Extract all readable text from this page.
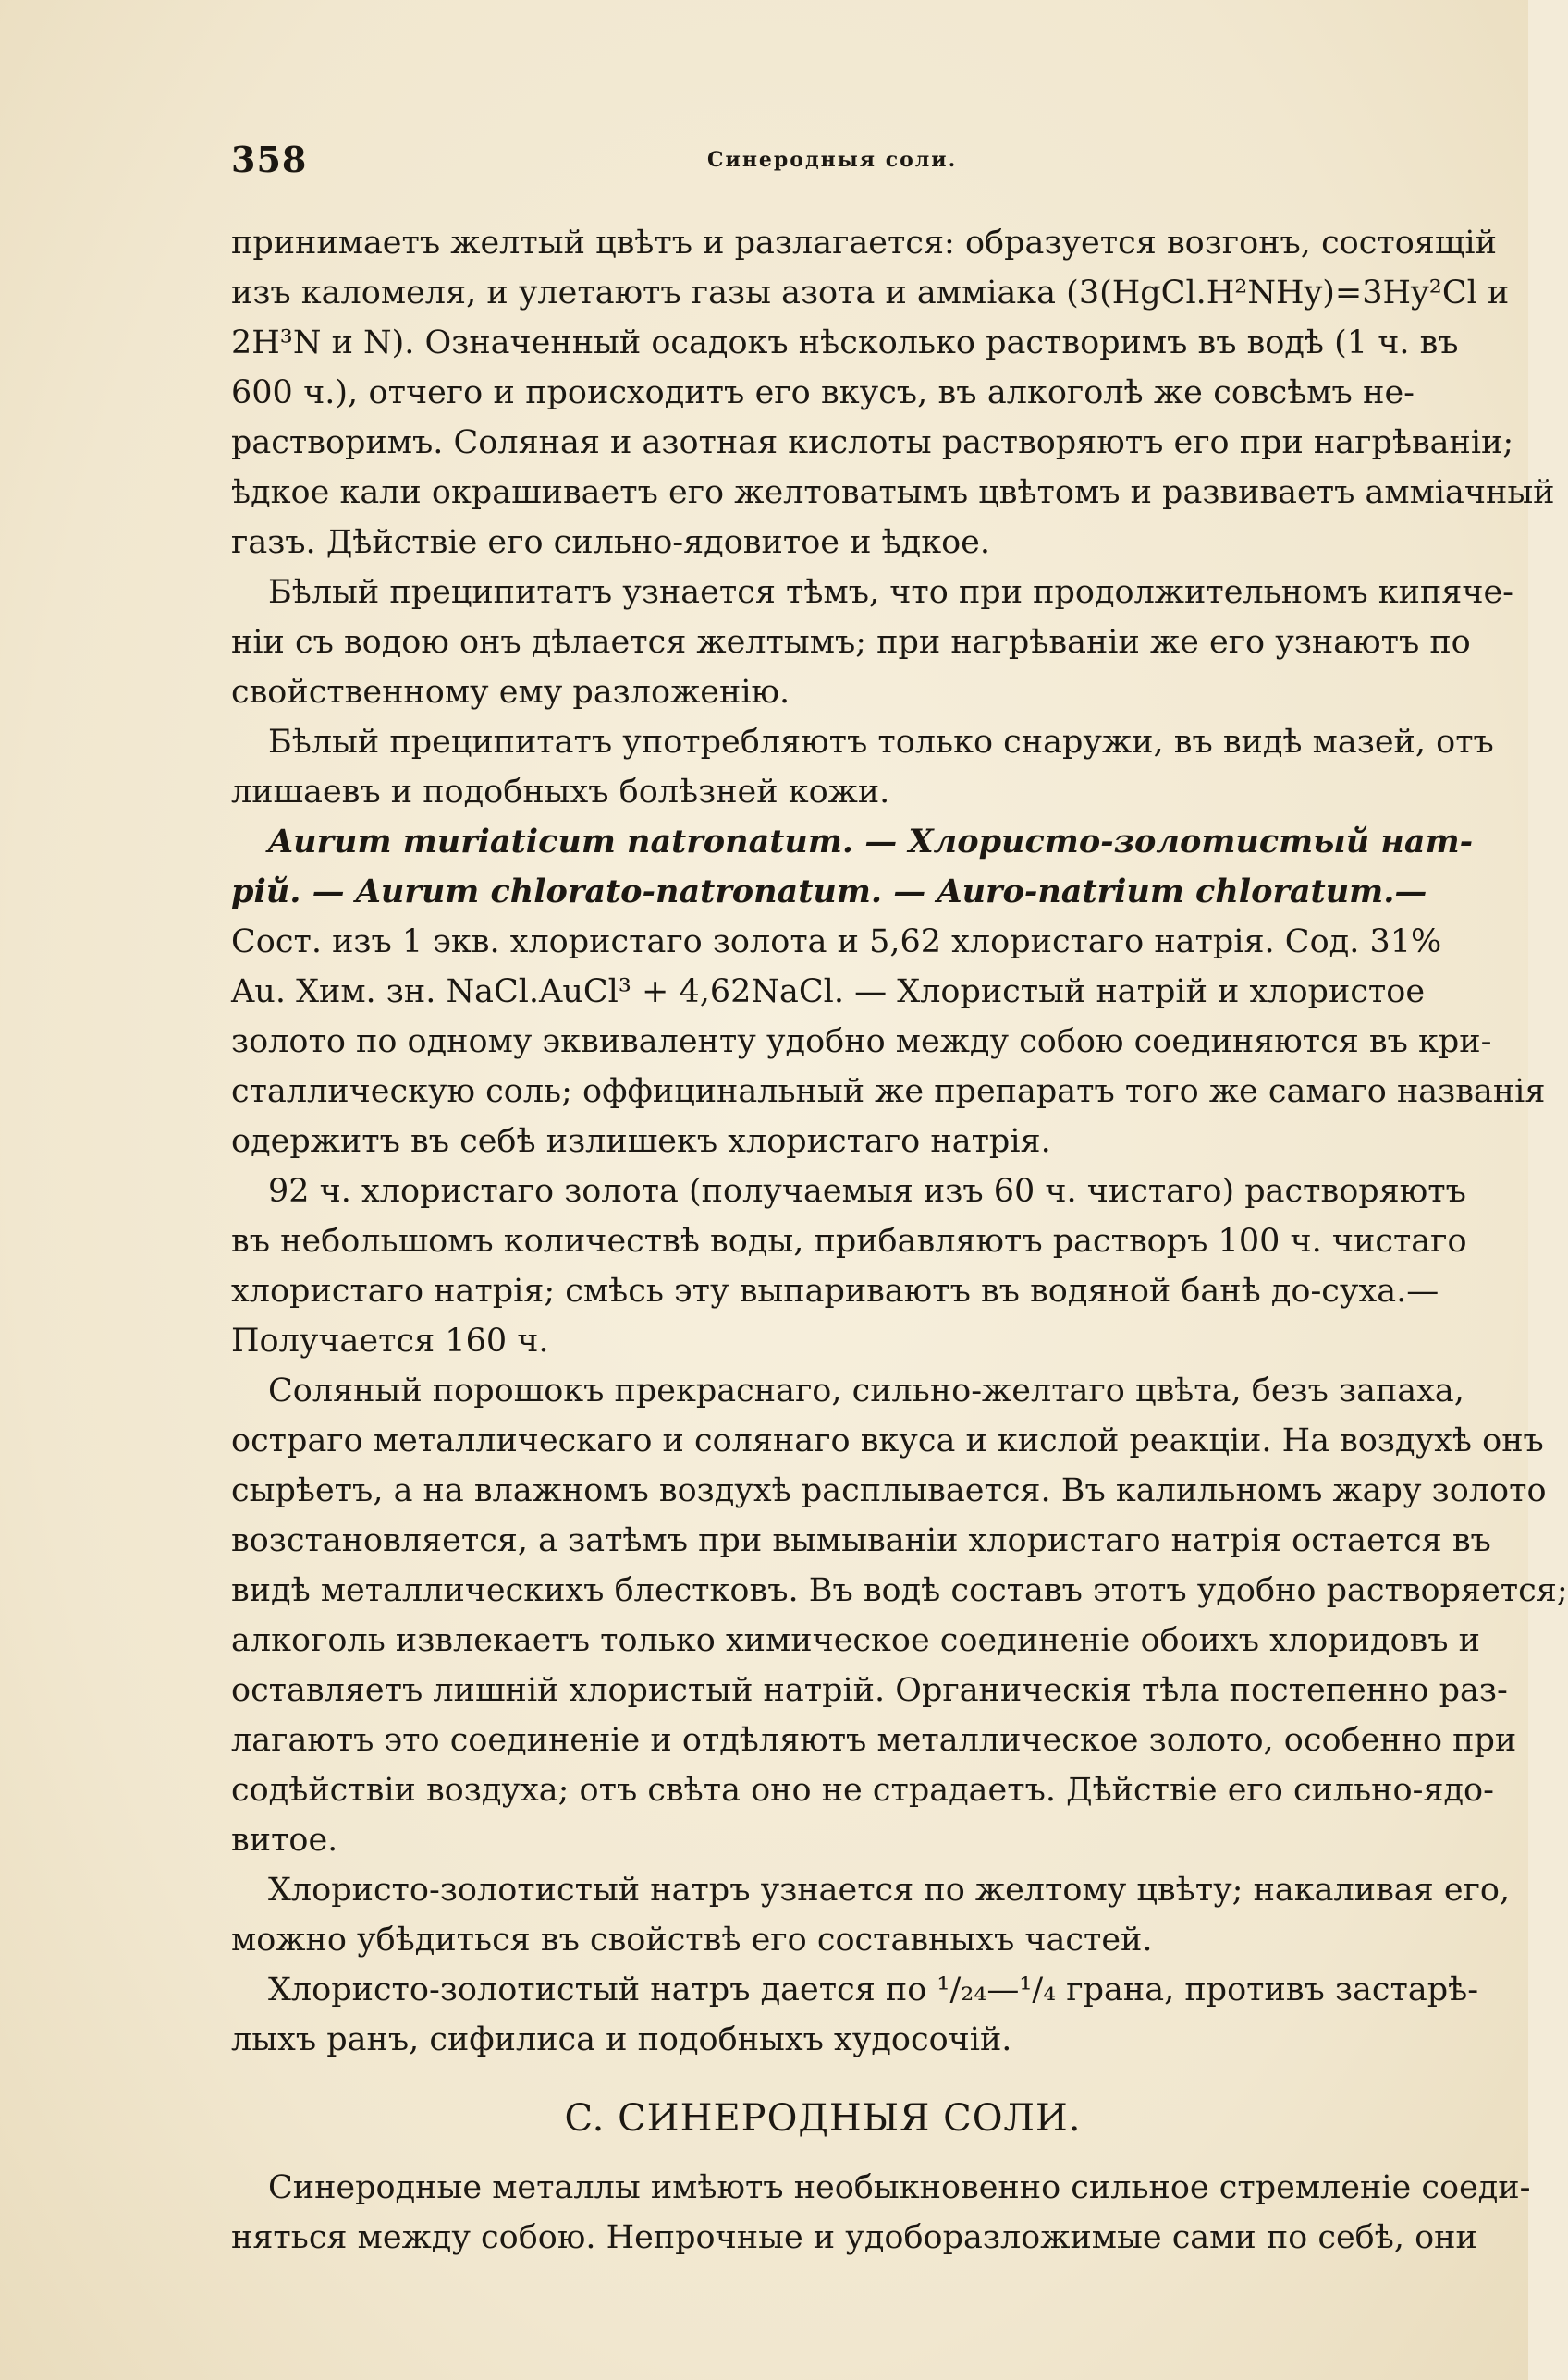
358	Синеродныя соли.
принимаетъ желтый цвѣтъ и разлагается: образуется возгонъ, состоящій
изъ каломеля, и улетаютъ газы азота и амміака (3(HgCl.H²NHy)=3Hy²Cl и
2H³N и N). Означенный осадокъ нѣсколько растворимъ въ водѣ (1 ч. въ
600 ч.), отчего и происходитъ его вкусъ, въ алкоголѣ же совсѣмъ не-
растворимъ. Соляная и азотная кислоты растворяютъ его при нагрѣваніи;
ѣдкое кали окрашиваетъ его желтоватымъ цвѣтомъ и развиваетъ амміачный
газъ. Дѣйствіе его сильно-ядовитое и ѣдкое.
Бѣлый преципитатъ узнается тѣмъ, что при продолжительномъ кипяче-
ніи съ водою онъ дѣлается желтымъ; при нагрѣваніи же его узнаютъ по
свойственному ему разложенію.
Бѣлый преципитатъ употребляютъ только снаружи, въ видѣ мазей, отъ
лишаевъ и подобныхъ болѣзней кожи.
Aurum muriaticum natronatum. — Хлористо-золотистый нат-
рій. — Aurum chlorato-natronatum. — Auro-natrium chloratum.—
Сост. изъ 1 экв. хлористаго золота и 5,62 хлористаго натрія. Сод. 31%
Au. Хим. зн. NaCl.AuCl³ + 4,62NaCl. — Хлористый натрій и хлористое
золото по одному эквиваленту удобно между собою соединяются въ кри-
сталлическую соль; оффицинальный же препаратъ того же самаго названія
одержитъ въ себѣ излишекъ хлористаго натрія.
92 ч. хлористаго золота (получаемыя изъ 60 ч. чистаго) растворяютъ
въ небольшомъ количествѣ воды, прибавляютъ растворъ 100 ч. чистаго
хлористаго натрія; смѣсь эту выпариваютъ въ водяной банѣ до-суха.—
Получается 160 ч.
Соляный порошокъ прекраснаго, сильно-желтаго цвѣта, безъ запаха,
остраго металлическаго и солянаго вкуса и кислой реакціи. На воздухѣ онъ
сырѣетъ, а на влажномъ воздухѣ расплывается. Въ калильномъ жару золото
возстановляется, а затѣмъ при вымываніи хлористаго натрія остается въ
видѣ металлическихъ блестковъ. Въ водѣ составъ этотъ удобно растворяется;
алкоголь извлекаетъ только химическое соединеніе обоихъ хлоридовъ и
оставляетъ лишній хлористый натрій. Органическія тѣла постепенно раз-
лагаютъ это соединеніе и отдѣляютъ металлическое золото, особенно при
содѣйствіи воздуха; отъ свѣта оно не страдаетъ. Дѣйствіе его сильно-ядо-
витое.
Хлористо-золотистый натръ узнается по желтому цвѣту; накаливая его,
можно убѣдиться въ свойствѣ его составныхъ частей.
Хлористо-золотистый натръ дается по ¹/₂₄—¹/₄ грана, противъ застарѣ-
лыхъ ранъ, сифилиса и подобныхъ худосочій.
C. СИНЕРОДНЫЯ СОЛИ.
Синеродные металлы имѣютъ необыкновенно сильное стремленіе соеди-
няться между собою. Непрочные и удоборазложимые сами по себѣ, они
